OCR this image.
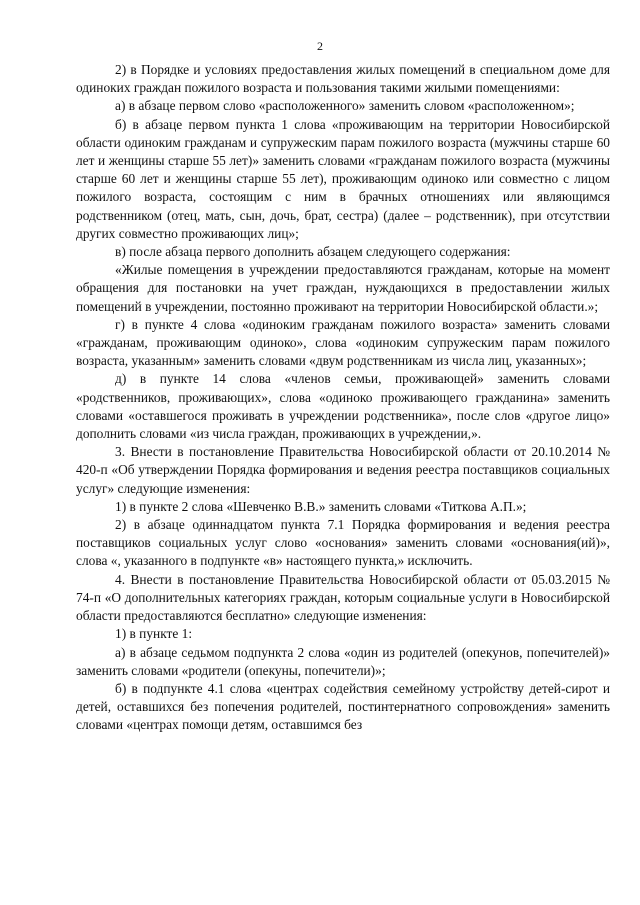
2

2) в Порядке и условиях предоставления жилых помещений в специальном доме для одиноких граждан пожилого возраста и пользования такими жилыми помещениями:

а) в абзаце первом слово «расположенного» заменить словом «расположенном»;

б) в абзаце первом пункта 1 слова «проживающим на территории Новосибирской области одиноким гражданам и супружеским парам пожилого возраста (мужчины старше 60 лет и женщины старше 55 лет)» заменить словами «гражданам пожилого возраста (мужчины старше 60 лет и женщины старше 55 лет), проживающим одиноко или совместно с лицом пожилого возраста, состоящим с ним в брачных отношениях или являющимся родственником (отец, мать, сын, дочь, брат, сестра) (далее – родственник), при отсутствии других совместно проживающих лиц»;

в) после абзаца первого дополнить абзацем следующего содержания:

«Жилые помещения в учреждении предоставляются гражданам, которые на момент обращения для постановки на учет граждан, нуждающихся в предоставлении жилых помещений в учреждении, постоянно проживают на территории Новосибирской области.»;

г) в пункте 4 слова «одиноким гражданам пожилого возраста» заменить словами «гражданам, проживающим одиноко», слова «одиноким супружеским парам пожилого возраста, указанным» заменить словами «двум родственникам из числа лиц, указанных»;

д) в пункте 14 слова «членов семьи, проживающей» заменить словами «родственников, проживающих», слова «одиноко проживающего гражданина» заменить словами «оставшегося проживать в учреждении родственника», после слов «другое лицо» дополнить словами «из числа граждан, проживающих в учреждении,».

3. Внести в постановление Правительства Новосибирской области от 20.10.2014 № 420-п «Об утверждении Порядка формирования и ведения реестра поставщиков социальных услуг» следующие изменения:

1) в пункте 2 слова «Шевченко В.В.» заменить словами «Титкова А.П.»;

2) в абзаце одиннадцатом пункта 7.1 Порядка формирования и ведения реестра поставщиков социальных услуг слово «основания» заменить словами «основания(ий)», слова «, указанного в подпункте «в» настоящего пункта,» исключить.

4. Внести в постановление Правительства Новосибирской области от 05.03.2015 № 74-п «О дополнительных категориях граждан, которым социальные услуги в Новосибирской области предоставляются бесплатно» следующие изменения:

1) в пункте 1:

а) в абзаце седьмом подпункта 2 слова «один из родителей (опекунов, попечителей)» заменить словами «родители (опекуны, попечители)»;

б) в подпункте 4.1 слова «центрах содействия семейному устройству детей-сирот и детей, оставшихся без попечения родителей, постинтернатного сопровождения» заменить словами «центрах помощи детям, оставшимся без
